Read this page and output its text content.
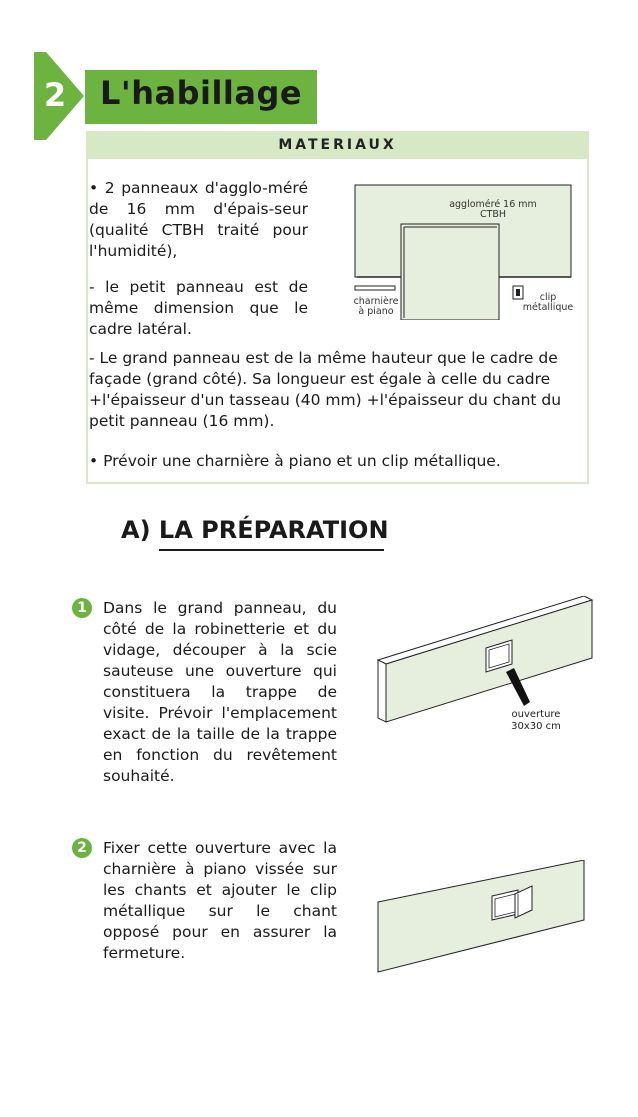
2 L'habillage
MATERIAUX
• 2 panneaux d'agglo-méré de 16 mm d'épais-seur (qualité CTBH traité pour l'humidité),
- le petit panneau est de même dimension que le cadre latéral.
- Le grand panneau est de la même hauteur que le cadre de façade (grand côté). Sa longueur est égale à celle du cadre +l'épaisseur d'un tasseau (40 mm) +l'épaisseur du chant du petit panneau (16 mm).
• Prévoir une charnière à piano et un clip métallique.
aggloméré 16 mm
CTBH
charnière
à piano
clip
métallique
A) LA PRÉPARATION
1	Dans le grand panneau, du côté de la robinetterie et du vidage, découper à la scie sauteuse une ouverture qui constituera la trappe de visite. Prévoir l'emplacement exact de la taille de la trappe en fonction du revêtement souhaité.
ouverture
30x30 cm
2	Fixer cette ouverture avec la charnière à piano vissée sur les chants et ajouter le clip métallique sur le chant opposé pour en assurer la fermeture.
